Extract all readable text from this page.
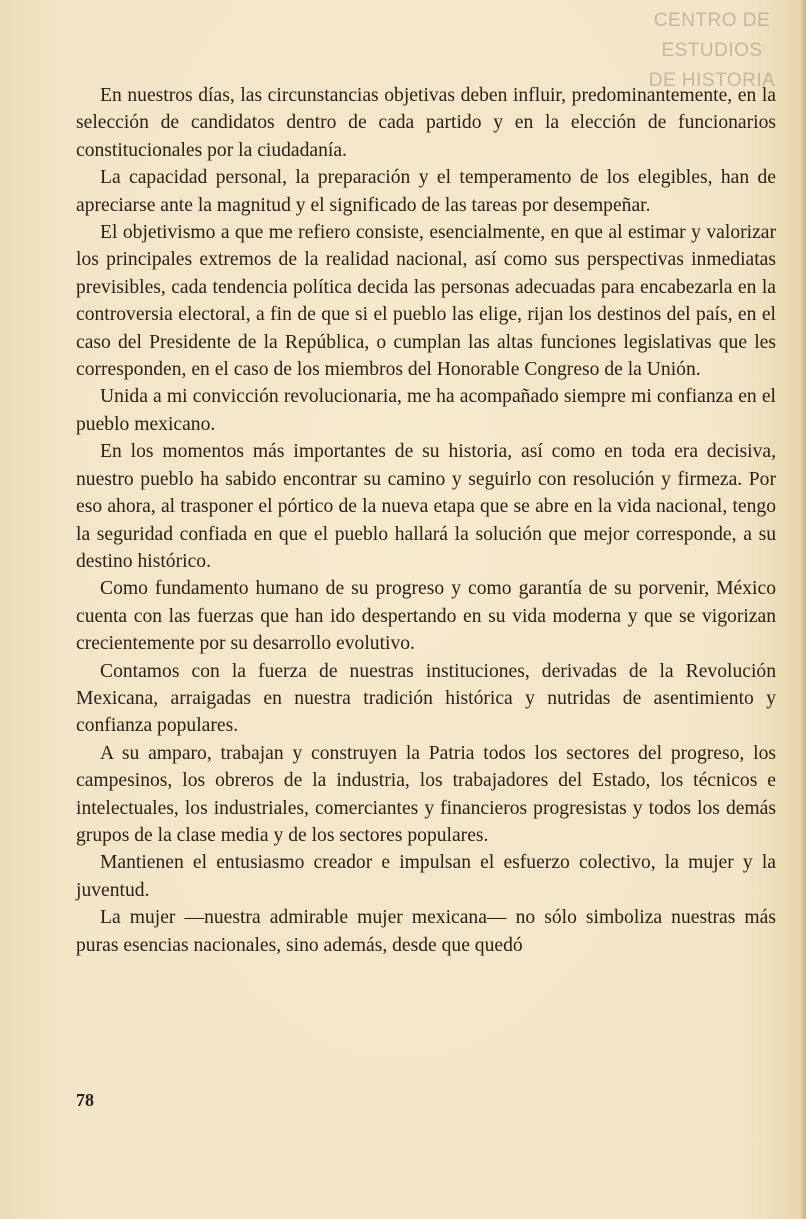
CENTRO DE
ESTUDIOS
DE HISTORIA

En nuestros días, las circunstancias objetivas deben influir, predominantemente, en la selección de candidatos dentro de cada partido y en la elección de funcionarios constitucionales por la ciudadanía.

La capacidad personal, la preparación y el temperamento de los elegibles, han de apreciarse ante la magnitud y el significado de las tareas por desempeñar.

El objetivismo a que me refiero consiste, esencialmente, en que al estimar y valorizar los principales extremos de la realidad nacional, así como sus perspectivas inmediatas previsibles, cada tendencia política decida las personas adecuadas para encabezarla en la controversia electoral, a fin de que si el pueblo las elige, rijan los destinos del país, en el caso del Presidente de la República, o cumplan las altas funciones legislativas que les corresponden, en el caso de los miembros del Honorable Congreso de la Unión.

Unida a mi convicción revolucionaria, me ha acompañado siempre mi confianza en el pueblo mexicano.

En los momentos más importantes de su historia, así como en toda era decisiva, nuestro pueblo ha sabido encontrar su camino y seguirlo con resolución y firmeza. Por eso ahora, al trasponer el pórtico de la nueva etapa que se abre en la vida nacional, tengo la seguridad confiada en que el pueblo hallará la solución que mejor corresponde, a su destino histórico.

Como fundamento humano de su progreso y como garantía de su porvenir, México cuenta con las fuerzas que han ido despertando en su vida moderna y que se vigorizan crecientemente por su desarrollo evolutivo.

Contamos con la fuerza de nuestras instituciones, derivadas de la Revolución Mexicana, arraigadas en nuestra tradición histórica y nutridas de asentimiento y confianza populares.

A su amparo, trabajan y construyen la Patria todos los sectores del progreso, los campesinos, los obreros de la industria, los trabajadores del Estado, los técnicos e intelectuales, los industriales, comerciantes y financieros progresistas y todos los demás grupos de la clase media y de los sectores populares.

Mantienen el entusiasmo creador e impulsan el esfuerzo colectivo, la mujer y la juventud.

La mujer —nuestra admirable mujer mexicana— no sólo simboliza nuestras más puras esencias nacionales, sino además, desde que quedó

78
